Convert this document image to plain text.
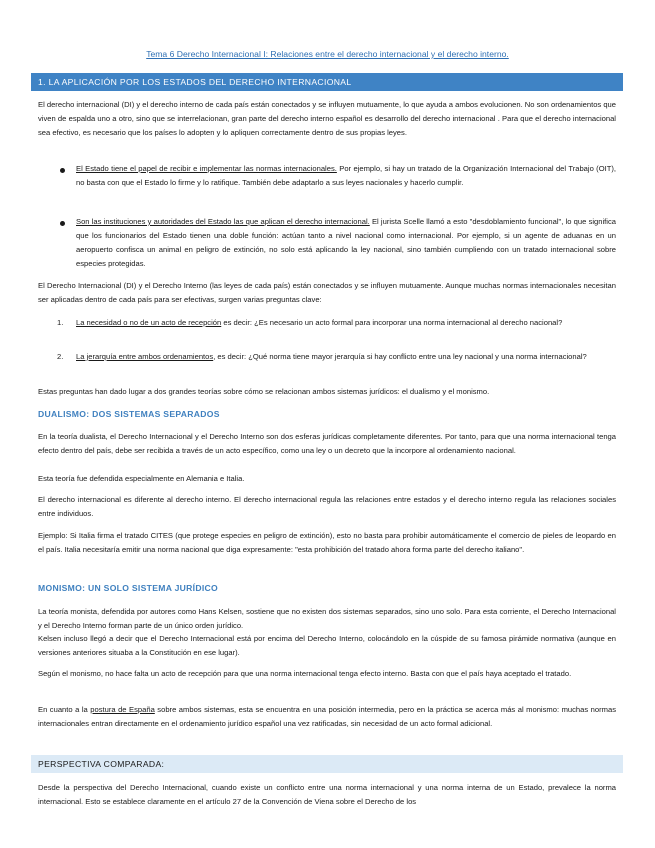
Tema 6 Derecho Internacional I: Relaciones entre el derecho internacional y el derecho interno.
1. LA APLICACIÓN POR LOS ESTADOS DEL DERECHO INTERNACIONAL

El derecho internacional (DI) y el derecho interno de cada país están conectados y se influyen mutuamente, lo que ayuda a ambos evolucionen. No son ordenamientos que viven de espalda uno a otro, sino que se interrelacionan, gran parte del derecho interno español es desarrollo del derecho internacional . Para que el derecho internacional sea efectivo, es necesario que los países lo adopten y lo apliquen correctamente dentro de sus propias leyes.

El Estado tiene el papel de recibir e implementar las normas internacionales. Por ejemplo, si hay un tratado de la Organización Internacional del Trabajo (OIT), no basta con que el Estado lo firme y lo ratifique. También debe adaptarlo a sus leyes nacionales y hacerlo cumplir.

Son las instituciones y autoridades del Estado las que aplican el derecho internacional. El jurista Scelle llamó a esto "desdoblamiento funcional", lo que significa que los funcionarios del Estado tienen una doble función: actúan tanto a nivel nacional como internacional. Por ejemplo, si un agente de aduanas en un aeropuerto confisca un animal en peligro de extinción, no solo está aplicando la ley nacional, sino también cumpliendo con un tratado internacional sobre especies protegidas.

El Derecho Internacional (DI) y el Derecho Interno (las leyes de cada país) están conectados y se influyen mutuamente. Aunque muchas normas internacionales necesitan ser aplicadas dentro de cada país para ser efectivas, surgen varias preguntas clave:

1. La necesidad o no de un acto de recepción es decir: ¿Es necesario un acto formal para incorporar una norma internacional al derecho nacional?

2. La jerarquía entre ambos ordenamientos, es decir: ¿Qué norma tiene mayor jerarquía si hay conflicto entre una ley nacional y una norma internacional?

Estas preguntas han dado lugar a dos grandes teorías sobre cómo se relacionan ambos sistemas jurídicos: el dualismo y el monismo.

DUALISMO: DOS SISTEMAS SEPARADOS

En la teoría dualista, el Derecho Internacional y el Derecho Interno son dos esferas jurídicas completamente diferentes. Por tanto, para que una norma internacional tenga efecto dentro del país, debe ser recibida a través de un acto específico, como una ley o un decreto que la incorpore al ordenamiento nacional.

Esta teoría fue defendida especialmente en Alemania e Italia.

El derecho internacional es diferente al derecho interno. El derecho internacional regula las relaciones entre estados y el derecho interno regula las relaciones sociales entre individuos.

Ejemplo: Si Italia firma el tratado CITES (que protege especies en peligro de extinción), esto no basta para prohibir automáticamente el comercio de pieles de leopardo en el país. Italia necesitaría emitir una norma nacional que diga expresamente: "esta prohibición del tratado ahora forma parte del derecho italiano".

MONISMO: UN SOLO SISTEMA JURÍDICO

La teoría monista, defendida por autores como Hans Kelsen, sostiene que no existen dos sistemas separados, sino uno solo. Para esta corriente, el Derecho Internacional y el Derecho Interno forman parte de un único orden jurídico.

Kelsen incluso llegó a decir que el Derecho Internacional está por encima del Derecho Interno, colocándolo en la cúspide de su famosa pirámide normativa (aunque en versiones anteriores situaba a la Constitución en ese lugar).

Según el monismo, no hace falta un acto de recepción para que una norma internacional tenga efecto interno. Basta con que el país haya aceptado el tratado.

En cuanto a la postura de España sobre ambos sistemas, esta se encuentra en una posición intermedia, pero en la práctica se acerca más al monismo: muchas normas internacionales entran directamente en el ordenamiento jurídico español una vez ratificadas, sin necesidad de un acto formal adicional.

PERSPECTIVA COMPARADA:

Desde la perspectiva del Derecho Internacional, cuando existe un conflicto entre una norma internacional y una norma interna de un Estado, prevalece la norma internacional. Esto se establece claramente en el artículo 27 de la Convención de Viena sobre el Derecho de los
